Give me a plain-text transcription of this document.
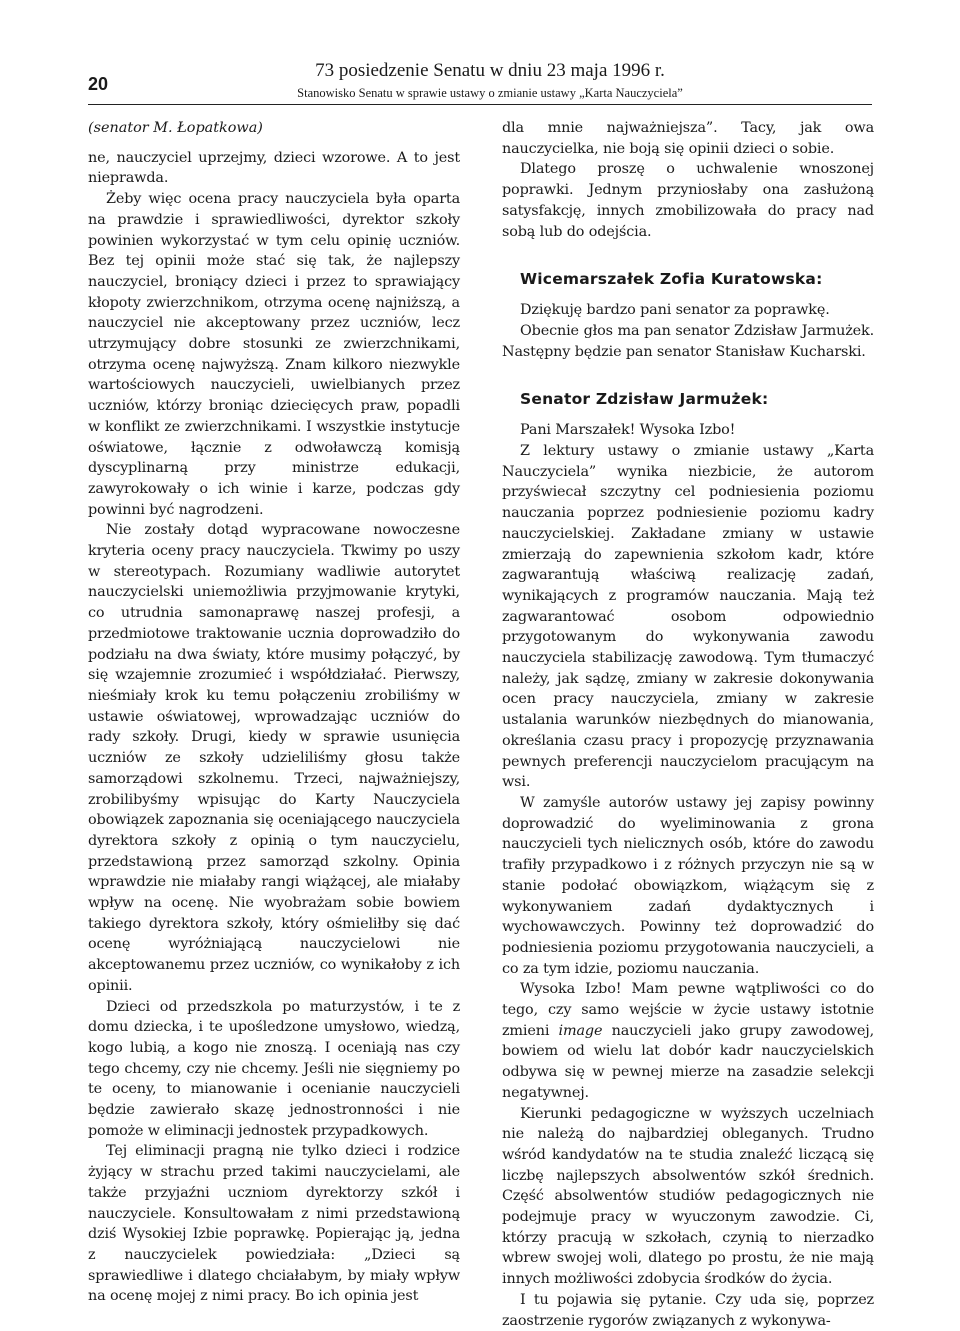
20
73 posiedzenie Senatu w dniu 23 maja 1996 r.
Stanowisko Senatu w sprawie ustawy o zmianie ustawy „Karta Nauczyciela”
(senator M. Łopatkowa)

ne, nauczyciel uprzejmy, dzieci wzorowe. A to jest nieprawda.

Żeby więc ocena pracy nauczyciela była oparta na prawdzie i sprawiedliwości, dyrektor szkoły powinien wykorzystać w tym celu opinię uczniów. Bez tej opinii może stać się tak, że najlepszy nauczyciel, broniący dzieci i przez to sprawiający kłopoty zwierzchnikom, otrzyma ocenę najniższą, a nauczyciel nie akceptowany przez uczniów, lecz utrzymujący dobre stosunki ze zwierzchnikami, otrzyma ocenę najwyższą. Znam kilkoro niezwykle wartościowych nauczycieli, uwielbianych przez uczniów, którzy broniąc dziecięcych praw, popadli w konflikt ze zwierzchnikami. I wszystkie instytucje oświatowe, łącznie z odwoławczą komisją dyscyplinarną przy ministrze edukacji, zawyrokowały o ich winie i karze, podczas gdy powinni być nagrodzeni.

Nie zostały dotąd wypracowane nowoczesne kryteria oceny pracy nauczyciela. Tkwimy po uszy w stereotypach. Rozumiany wadliwie autorytet nauczycielski uniemożliwia przyjmowanie krytyki, co utrudnia samonaprawę naszej profesji, a przedmiotowe traktowanie ucznia doprowadziło do podziału na dwa światy, które musimy połączyć, by się wzajemnie zrozumieć i współdziałać. Pierwszy, nieśmiały krok ku temu połączeniu zrobiliśmy w ustawie oświatowej, wprowadzając uczniów do rady szkoły. Drugi, kiedy w sprawie usunięcia uczniów ze szkoły udzieliliśmy głosu także samorządowi szkolnemu. Trzeci, najważniejszy, zrobilibyśmy wpisując do Karty Nauczyciela obowiązek zapoznania się oceniającego nauczyciela dyrektora szkoły z opinią o tym nauczycielu, przedstawioną przez samorząd szkolny. Opinia wprawdzie nie miałaby rangi wiążącej, ale miałaby wpływ na ocenę. Nie wyobrażam sobie bowiem takiego dyrektora szkoły, który ośmieliłby się dać ocenę wyróżniającą nauczycielowi nie akceptowanemu przez uczniów, co wynikałoby z ich opinii.

Dzieci od przedszkola po maturzystów, i te z domu dziecka, i te upośledzone umysłowo, wiedzą, kogo lubią, a kogo nie znoszą. I oceniają nas czy tego chcemy, czy nie chcemy. Jeśli nie sięgniemy po te oceny, to mianowanie i ocenianie nauczycieli będzie zawierało skazę jednostronności i nie pomoże w eliminacji jednostek przypadkowych.

Tej eliminacji pragną nie tylko dzieci i rodzice żyjący w strachu przed takimi nauczycielami, ale także przyjaźni uczniom dyrektorzy szkół i nauczyciele. Konsultowałam z nimi przedstawioną dziś Wysokiej Izbie poprawkę. Popierając ją, jedna z nauczycielek powiedziała: „Dzieci są sprawiedliwe i dlatego chciałabym, by miały wpływ na ocenę mojej z nimi pracy. Bo ich opinia jest

dla mnie najważniejsza”. Tacy, jak owa nauczycielka, nie boją się opinii dzieci o sobie.

Dlatego proszę o uchwalenie wnoszonej poprawki. Jednym przyniosłaby ona zasłużoną satysfakcję, innych zmobilizowała do pracy nad sobą lub do odejścia.

Wicemarszałek Zofia Kuratowska:

Dziękuję bardzo pani senator za poprawkę.

Obecnie głos ma pan senator Zdzisław Jarmużek. Następny będzie pan senator Stanisław Kucharski.

Senator Zdzisław Jarmużek:

Pani Marszałek! Wysoka Izbo!

Z lektury ustawy o zmianie ustawy „Karta Nauczyciela” wynika niezbicie, że autorom przyświecał szczytny cel podniesienia poziomu nauczania poprzez podniesienie poziomu kadry nauczycielskiej. Zakładane zmiany w ustawie zmierzają do zapewnienia szkołom kadr, które zagwarantują właściwą realizację zadań, wynikających z programów nauczania. Mają też zagwarantować osobom odpowiednio przygotowanym do wykonywania zawodu nauczyciela stabilizację zawodową. Tym tłumaczyć należy, jak sądzę, zmiany w zakresie dokonywania ocen pracy nauczyciela, zmiany w zakresie ustalania warunków niezbędnych do mianowania, określania czasu pracy i propozycję przyznawania pewnych preferencji nauczycielom pracującym na wsi.

W zamyśle autorów ustawy jej zapisy powinny doprowadzić do wyeliminowania z grona nauczycieli tych nielicznych osób, które do zawodu trafiły przypadkowo i z różnych przyczyn nie są w stanie podołać obowiązkom, wiążącym się z wykonywaniem zadań dydaktycznych i wychowawczych. Powinny też doprowadzić do podniesienia poziomu przygotowania nauczycieli, a co za tym idzie, poziomu nauczania.

Wysoka Izbo! Mam pewne wątpliwości co do tego, czy samo wejście w życie ustawy istotnie zmieni image nauczycieli jako grupy zawodowej, bowiem od wielu lat dobór kadr nauczycielskich odbywa się w pewnej mierze na zasadzie selekcji negatywnej.

Kierunki pedagogiczne w wyższych uczelniach nie należą do najbardziej obleganych. Trudno wśród kandydatów na te studia znaleźć liczącą się liczbę najlepszych absolwentów szkół średnich. Część absolwentów studiów pedagogicznych nie podejmuje pracy w wyuczonym zawodzie. Ci, którzy pracują w szkołach, czynią to nierzadko wbrew swojej woli, dlatego po prostu, że nie mają innych możliwości zdobycia środków do życia.

I tu pojawia się pytanie. Czy uda się, poprzez zaostrzenie rygorów związanych z wykonywa-
